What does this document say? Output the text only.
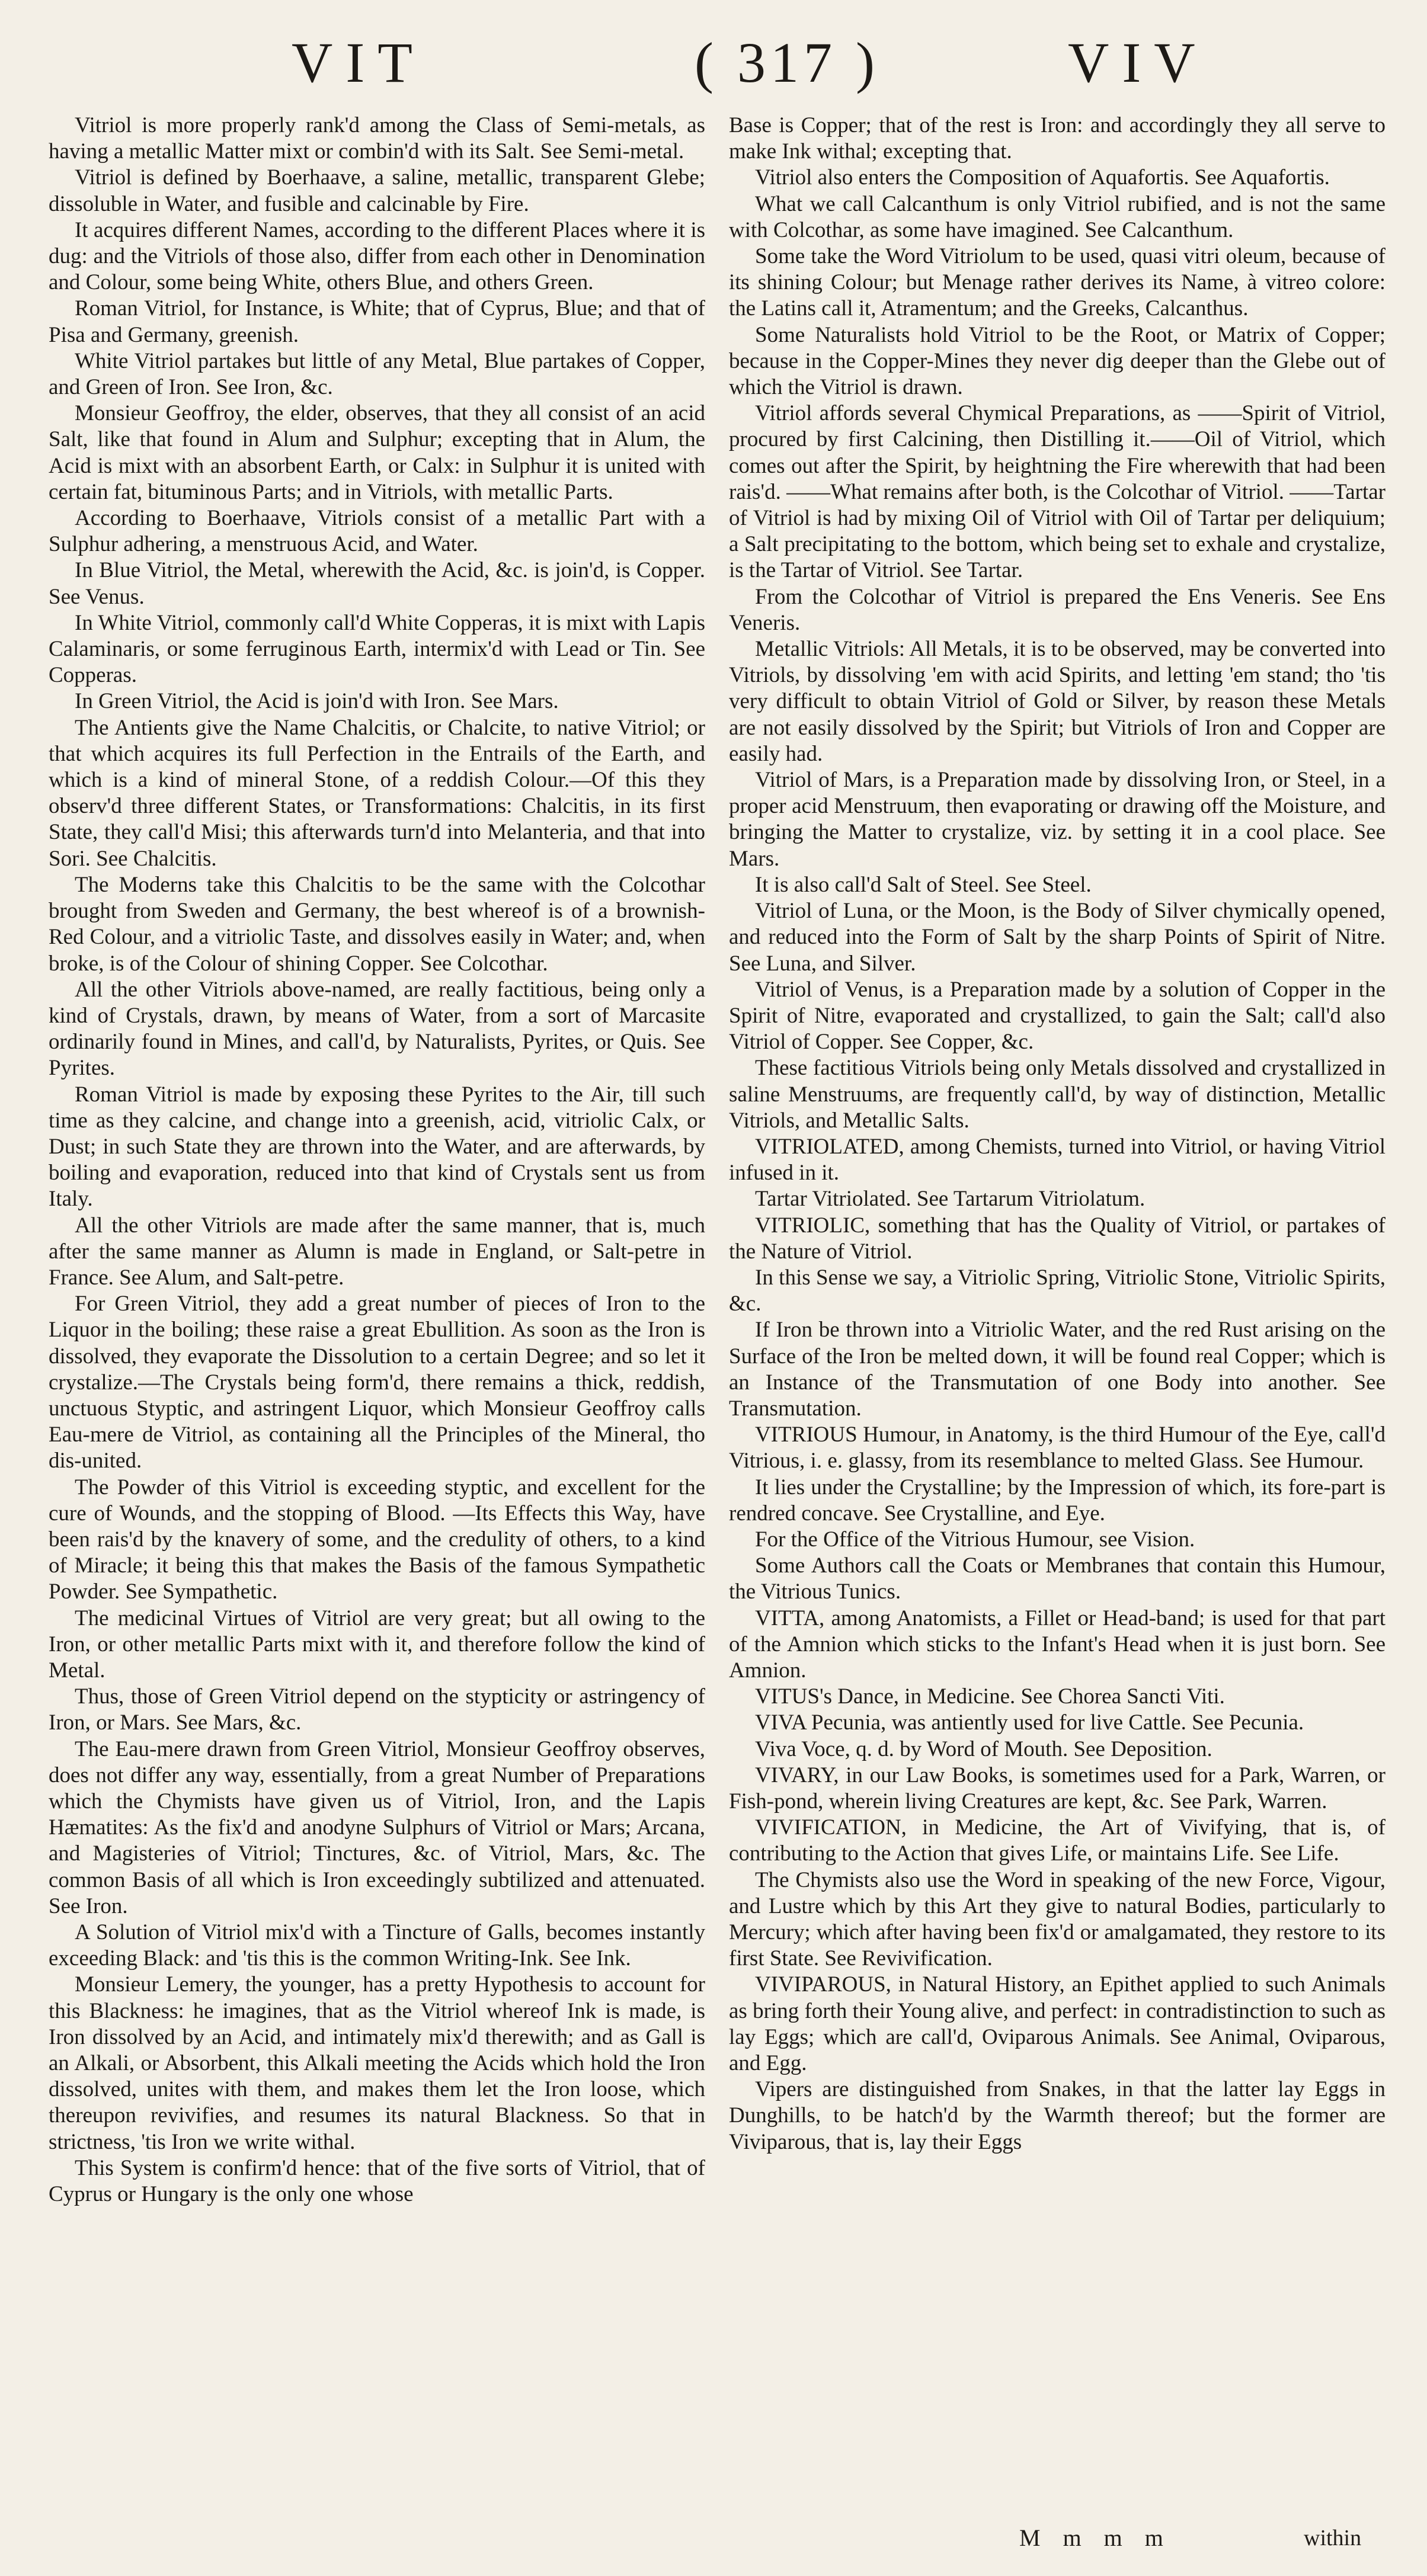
VIT	( 317 )	VIV

Vitriol is more properly rank'd among the Class of Semi-metals, as having a metallic Matter mixt or combin'd with its Salt. See Semi-metal.

Vitriol is defined by Boerhaave, a saline, metallic, transparent Glebe; dissoluble in Water, and fusible and calcinable by Fire.

It acquires different Names, according to the different Places where it is dug: and the Vitriols of those also, differ from each other in Denomination and Colour, some being White, others Blue, and others Green.

Roman Vitriol, for Instance, is White; that of Cyprus, Blue; and that of Pisa and Germany, greenish.

White Vitriol partakes but little of any Metal, Blue partakes of Copper, and Green of Iron. See Iron, &c.

Monsieur Geoffroy, the elder, observes, that they all consist of an acid Salt, like that found in Alum and Sulphur; excepting that in Alum, the Acid is mixt with an absorbent Earth, or Calx: in Sulphur it is united with certain fat, bituminous Parts; and in Vitriols, with metallic Parts.

According to Boerhaave, Vitriols consist of a metallic Part with a Sulphur adhering, a menstruous Acid, and Water.

In Blue Vitriol, the Metal, wherewith the Acid, &c. is join'd, is Copper. See Venus.

In White Vitriol, commonly call'd White Copperas, it is mixt with Lapis Calaminaris, or some ferruginous Earth, intermix'd with Lead or Tin. See Copperas.

In Green Vitriol, the Acid is join'd with Iron. See Mars.

The Antients give the Name Chalcitis, or Chalcite, to native Vitriol; or that which acquires its full Perfection in the Entrails of the Earth, and which is a kind of mineral Stone, of a reddish Colour.—Of this they observ'd three different States, or Transformations: Chalcitis, in its first State, they call'd Misi; this afterwards turn'd into Melanteria, and that into Sori. See Chalcitis.

The Moderns take this Chalcitis to be the same with the Colcothar brought from Sweden and Germany, the best whereof is of a brownish-Red Colour, and a vitriolic Taste, and dissolves easily in Water; and, when broke, is of the Colour of shining Copper. See Colcothar.

All the other Vitriols above-named, are really factitious, being only a kind of Crystals, drawn, by means of Water, from a sort of Marcasite ordinarily found in Mines, and call'd, by Naturalists, Pyrites, or Quis. See Pyrites.

Roman Vitriol is made by exposing these Pyrites to the Air, till such time as they calcine, and change into a greenish, acid, vitriolic Calx, or Dust; in such State they are thrown into the Water, and are afterwards, by boiling and evaporation, reduced into that kind of Crystals sent us from Italy.

All the other Vitriols are made after the same manner, that is, much after the same manner as Alumn is made in England, or Salt-petre in France. See Alum, and Salt-petre.

For Green Vitriol, they add a great number of pieces of Iron to the Liquor in the boiling; these raise a great Ebullition. As soon as the Iron is dissolved, they evaporate the Dissolution to a certain Degree; and so let it crystalize.—The Crystals being form'd, there remains a thick, reddish, unctuous Styptic, and astringent Liquor, which Monsieur Geoffroy calls Eau-mere de Vitriol, as containing all the Principles of the Mineral, tho dis-united.

The Powder of this Vitriol is exceeding styptic, and excellent for the cure of Wounds, and the stopping of Blood. —Its Effects this Way, have been rais'd by the knavery of some, and the credulity of others, to a kind of Miracle; it being this that makes the Basis of the famous Sympathetic Powder. See Sympathetic.

The medicinal Virtues of Vitriol are very great; but all owing to the Iron, or other metallic Parts mixt with it, and therefore follow the kind of Metal.

Thus, those of Green Vitriol depend on the stypticity or astringency of Iron, or Mars. See Mars, &c.

The Eau-mere drawn from Green Vitriol, Monsieur Geoffroy observes, does not differ any way, essentially, from a great Number of Preparations which the Chymists have given us of Vitriol, Iron, and the Lapis Hæmatites: As the fix'd and anodyne Sulphurs of Vitriol or Mars; Arcana, and Magisteries of Vitriol; Tinctures, &c. of Vitriol, Mars, &c. The common Basis of all which is Iron exceedingly subtilized and attenuated. See Iron.

A Solution of Vitriol mix'd with a Tincture of Galls, becomes instantly exceeding Black: and 'tis this is the common Writing-Ink. See Ink.

Monsieur Lemery, the younger, has a pretty Hypothesis to account for this Blackness: he imagines, that as the Vitriol whereof Ink is made, is Iron dissolved by an Acid, and intimately mix'd therewith; and as Gall is an Alkali, or Absorbent, this Alkali meeting the Acids which hold the Iron dissolved, unites with them, and makes them let the Iron loose, which thereupon revivifies, and resumes its natural Blackness. So that in strictness, 'tis Iron we write withal.

This System is confirm'd hence: that of the five sorts of Vitriol, that of Cyprus or Hungary is the only one whose

Base is Copper; that of the rest is Iron: and accordingly they all serve to make Ink withal; excepting that.

Vitriol also enters the Composition of Aquafortis. See Aquafortis.

What we call Calcanthum is only Vitriol rubified, and is not the same with Colcothar, as some have imagined. See Calcanthum.

Some take the Word Vitriolum to be used, quasi vitri oleum, because of its shining Colour; but Menage rather derives its Name, à vitreo colore: the Latins call it, Atramentum; and the Greeks, Calcanthus.

Some Naturalists hold Vitriol to be the Root, or Matrix of Copper; because in the Copper-Mines they never dig deeper than the Glebe out of which the Vitriol is drawn.

Vitriol affords several Chymical Preparations, as ——Spirit of Vitriol, procured by first Calcining, then Distilling it.——Oil of Vitriol, which comes out after the Spirit, by heightning the Fire wherewith that had been rais'd. ——What remains after both, is the Colcothar of Vitriol. ——Tartar of Vitriol is had by mixing Oil of Vitriol with Oil of Tartar per deliquium; a Salt precipitating to the bottom, which being set to exhale and crystalize, is the Tartar of Vitriol. See Tartar.

From the Colcothar of Vitriol is prepared the Ens Veneris. See Ens Veneris.

Metallic Vitriols: All Metals, it is to be observed, may be converted into Vitriols, by dissolving 'em with acid Spirits, and letting 'em stand; tho 'tis very difficult to obtain Vitriol of Gold or Silver, by reason these Metals are not easily dissolved by the Spirit; but Vitriols of Iron and Copper are easily had.

Vitriol of Mars, is a Preparation made by dissolving Iron, or Steel, in a proper acid Menstruum, then evaporating or drawing off the Moisture, and bringing the Matter to crystalize, viz. by setting it in a cool place. See Mars.

It is also call'd Salt of Steel. See Steel.

Vitriol of Luna, or the Moon, is the Body of Silver chymically opened, and reduced into the Form of Salt by the sharp Points of Spirit of Nitre. See Luna, and Silver.

Vitriol of Venus, is a Preparation made by a solution of Copper in the Spirit of Nitre, evaporated and crystallized, to gain the Salt; call'd also Vitriol of Copper. See Copper, &c.

These factitious Vitriols being only Metals dissolved and crystallized in saline Menstruums, are frequently call'd, by way of distinction, Metallic Vitriols, and Metallic Salts.

VITRIOLATED, among Chemists, turned into Vitriol, or having Vitriol infused in it.

Tartar Vitriolated. See Tartarum Vitriolatum.

VITRIOLIC, something that has the Quality of Vitriol, or partakes of the Nature of Vitriol.

In this Sense we say, a Vitriolic Spring, Vitriolic Stone, Vitriolic Spirits, &c.

If Iron be thrown into a Vitriolic Water, and the red Rust arising on the Surface of the Iron be melted down, it will be found real Copper; which is an Instance of the Transmutation of one Body into another. See Transmutation.

VITRIOUS Humour, in Anatomy, is the third Humour of the Eye, call'd Vitrious, i. e. glassy, from its resemblance to melted Glass. See Humour.

It lies under the Crystalline; by the Impression of which, its fore-part is rendred concave. See Crystalline, and Eye.

For the Office of the Vitrious Humour, see Vision.

Some Authors call the Coats or Membranes that contain this Humour, the Vitrious Tunics.

VITTA, among Anatomists, a Fillet or Head-band; is used for that part of the Amnion which sticks to the Infant's Head when it is just born. See Amnion.

VITUS's Dance, in Medicine. See Chorea Sancti Viti.

VIVA Pecunia, was antiently used for live Cattle. See Pecunia.

Viva Voce, q. d. by Word of Mouth. See Deposition.

VIVARY, in our Law Books, is sometimes used for a Park, Warren, or Fish-pond, wherein living Creatures are kept, &c. See Park, Warren.

VIVIFICATION, in Medicine, the Art of Vivifying, that is, of contributing to the Action that gives Life, or maintains Life. See Life.

The Chymists also use the Word in speaking of the new Force, Vigour, and Lustre which by this Art they give to natural Bodies, particularly to Mercury; which after having been fix'd or amalgamated, they restore to its first State. See Revivification.

VIVIPAROUS, in Natural History, an Epithet applied to such Animals as bring forth their Young alive, and perfect: in contradistinction to such as lay Eggs; which are call'd, Oviparous Animals. See Animal, Oviparous, and Egg.

Vipers are distinguished from Snakes, in that the latter lay Eggs in Dunghills, to be hatch'd by the Warmth thereof; but the former are Viviparous, that is, lay their Eggs

M m m m	within
